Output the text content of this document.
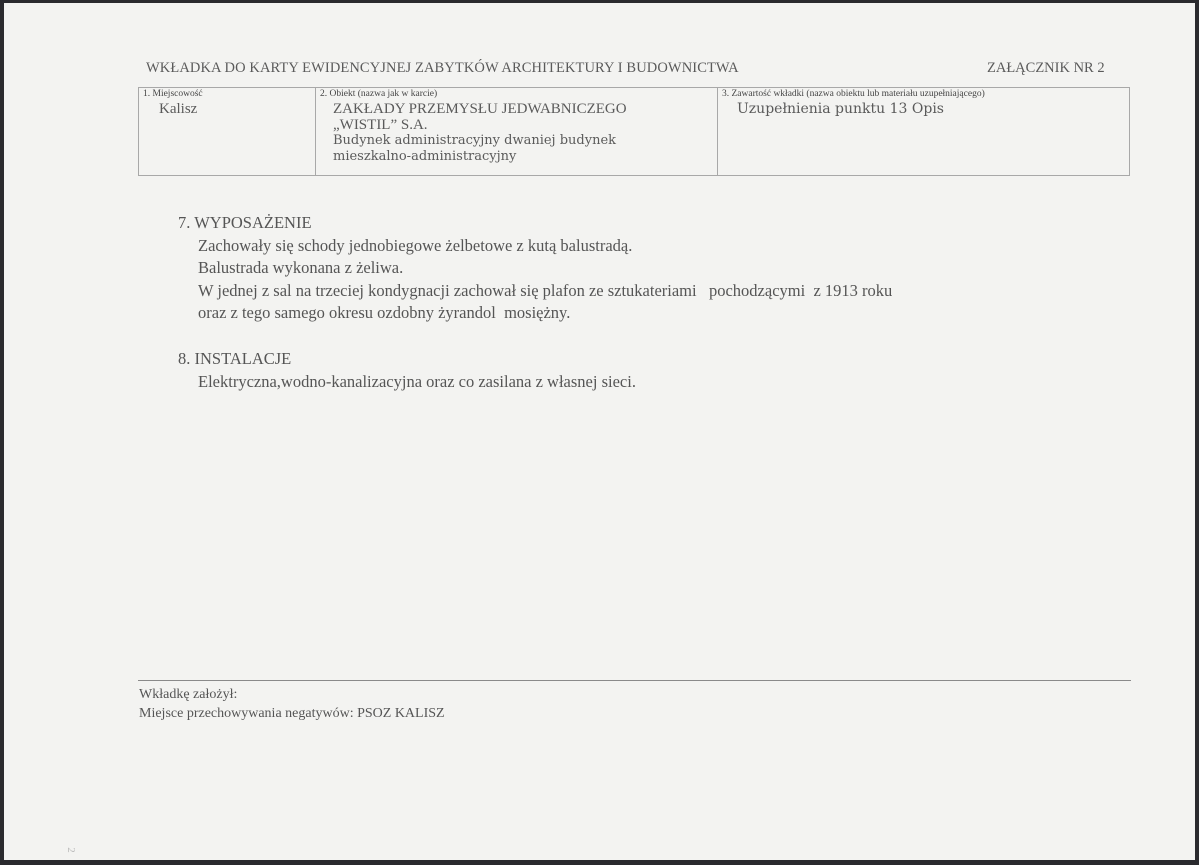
WKŁADKA DO KARTY EWIDENCYJNEJ ZABYTKÓW ARCHITEKTURY I BUDOWNICTWA	ZAŁĄCZNIK NR 2
1. Miejscowość
Kalisz
2. Obiekt (nazwa jak w karcie)
ZAKŁADY PRZEMYSŁU JEDWABNICZEGO
„WISTIL” S.A.
Budynek administracyjny dwaniej budynek
mieszkalno-administracyjny
3. Zawartość wkładki (nazwa obiektu lub materiału uzupełniającego)
Uzupełnienia punktu 13 Opis
7. WYPOSAŻENIE
Zachowały się schody jednobiegowe żelbetowe z kutą balustradą.
Balustrada wykonana z żeliwa.
W jednej z sal na trzeciej kondygnacji zachował się plafon ze sztukateriami   pochodzącymi  z 1913 roku
oraz z tego samego okresu ozdobny żyrandol  mosiężny.
8. INSTALACJE
Elektryczna,wodno-kanalizacyjna oraz co zasilana z własnej sieci.
Wkładkę założył:
Miejsce przechowywania negatywów: PSOZ KALISZ
2
